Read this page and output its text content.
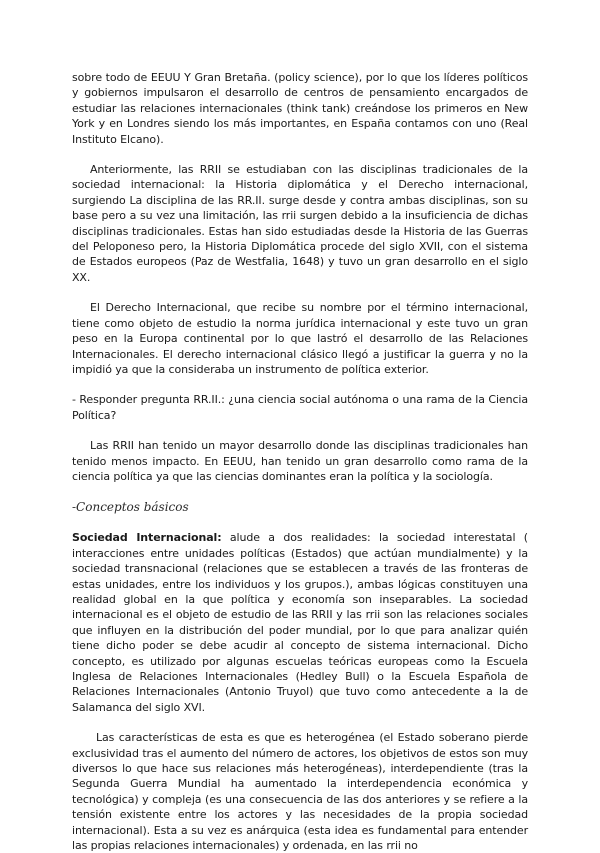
sobre todo de EEUU Y Gran Bretaña. (policy science), por lo que los líderes políticos y gobiernos impulsaron el desarrollo de centros de pensamiento encargados de estudiar las relaciones internacionales (think tank) creándose los primeros en New York y en Londres siendo los más importantes, en España contamos con uno (Real Instituto Elcano).

Anteriormente, las RRII se estudiaban con las disciplinas tradicionales de la sociedad internacional: la Historia diplomática y el Derecho internacional, surgiendo La disciplina de las RR.II. surge desde y contra ambas disciplinas, son su base pero a su vez una limitación, las rrii surgen debido a la insuficiencia de dichas disciplinas tradicionales. Estas han sido estudiadas desde la Historia de las Guerras del Peloponeso pero, la Historia Diplomática procede del siglo XVII, con el sistema de Estados europeos (Paz de Westfalia, 1648) y tuvo un gran desarrollo en el siglo XX.

El Derecho Internacional, que recibe su nombre por el término internacional, tiene como objeto de estudio la norma jurídica internacional y este tuvo un gran peso en la Europa continental por lo que lastró el desarrollo de las Relaciones Internacionales. El derecho internacional clásico llegó a justificar la guerra y no la impidió ya que la consideraba un instrumento de política exterior.

- Responder pregunta RR.II.: ¿una ciencia social autónoma o una rama de la Ciencia Política?

Las RRII han tenido un mayor desarrollo donde las disciplinas tradicionales han tenido menos impacto. En EEUU, han tenido un gran desarrollo como rama de la ciencia política ya que las ciencias dominantes eran la política y la sociología.

-Conceptos básicos

Sociedad Internacional: alude a dos realidades: la sociedad interestatal ( interacciones entre unidades políticas (Estados) que actúan mundialmente) y la sociedad transnacional (relaciones que se establecen a través de las fronteras de estas unidades, entre los individuos y los grupos.), ambas lógicas constituyen una realidad global en la que política y economía son inseparables. La sociedad internacional es el objeto de estudio de las RRII y las rrii son las relaciones sociales que influyen en la distribución del poder mundial, por lo que para analizar quién tiene dicho poder se debe acudir al concepto de sistema internacional. Dicho concepto, es utilizado por algunas escuelas teóricas europeas como la Escuela Inglesa de Relaciones Internacionales (Hedley Bull) o la Escuela Española de Relaciones Internacionales (Antonio Truyol) que tuvo como antecedente a la de Salamanca del siglo XVI.

Las características de esta es que es heterogénea (el Estado soberano pierde exclusividad tras el aumento del número de actores, los objetivos de estos son muy diversos lo que hace sus relaciones más heterogéneas), interdependiente (tras la Segunda Guerra Mundial ha aumentado la interdependencia económica y tecnológica) y compleja (es una consecuencia de las dos anteriores y se refiere a la tensión existente entre los actores y las necesidades de la propia sociedad internacional). Esta a su vez es anárquica (esta idea es fundamental para entender las propias relaciones internacionales) y ordenada, en las rrii no
